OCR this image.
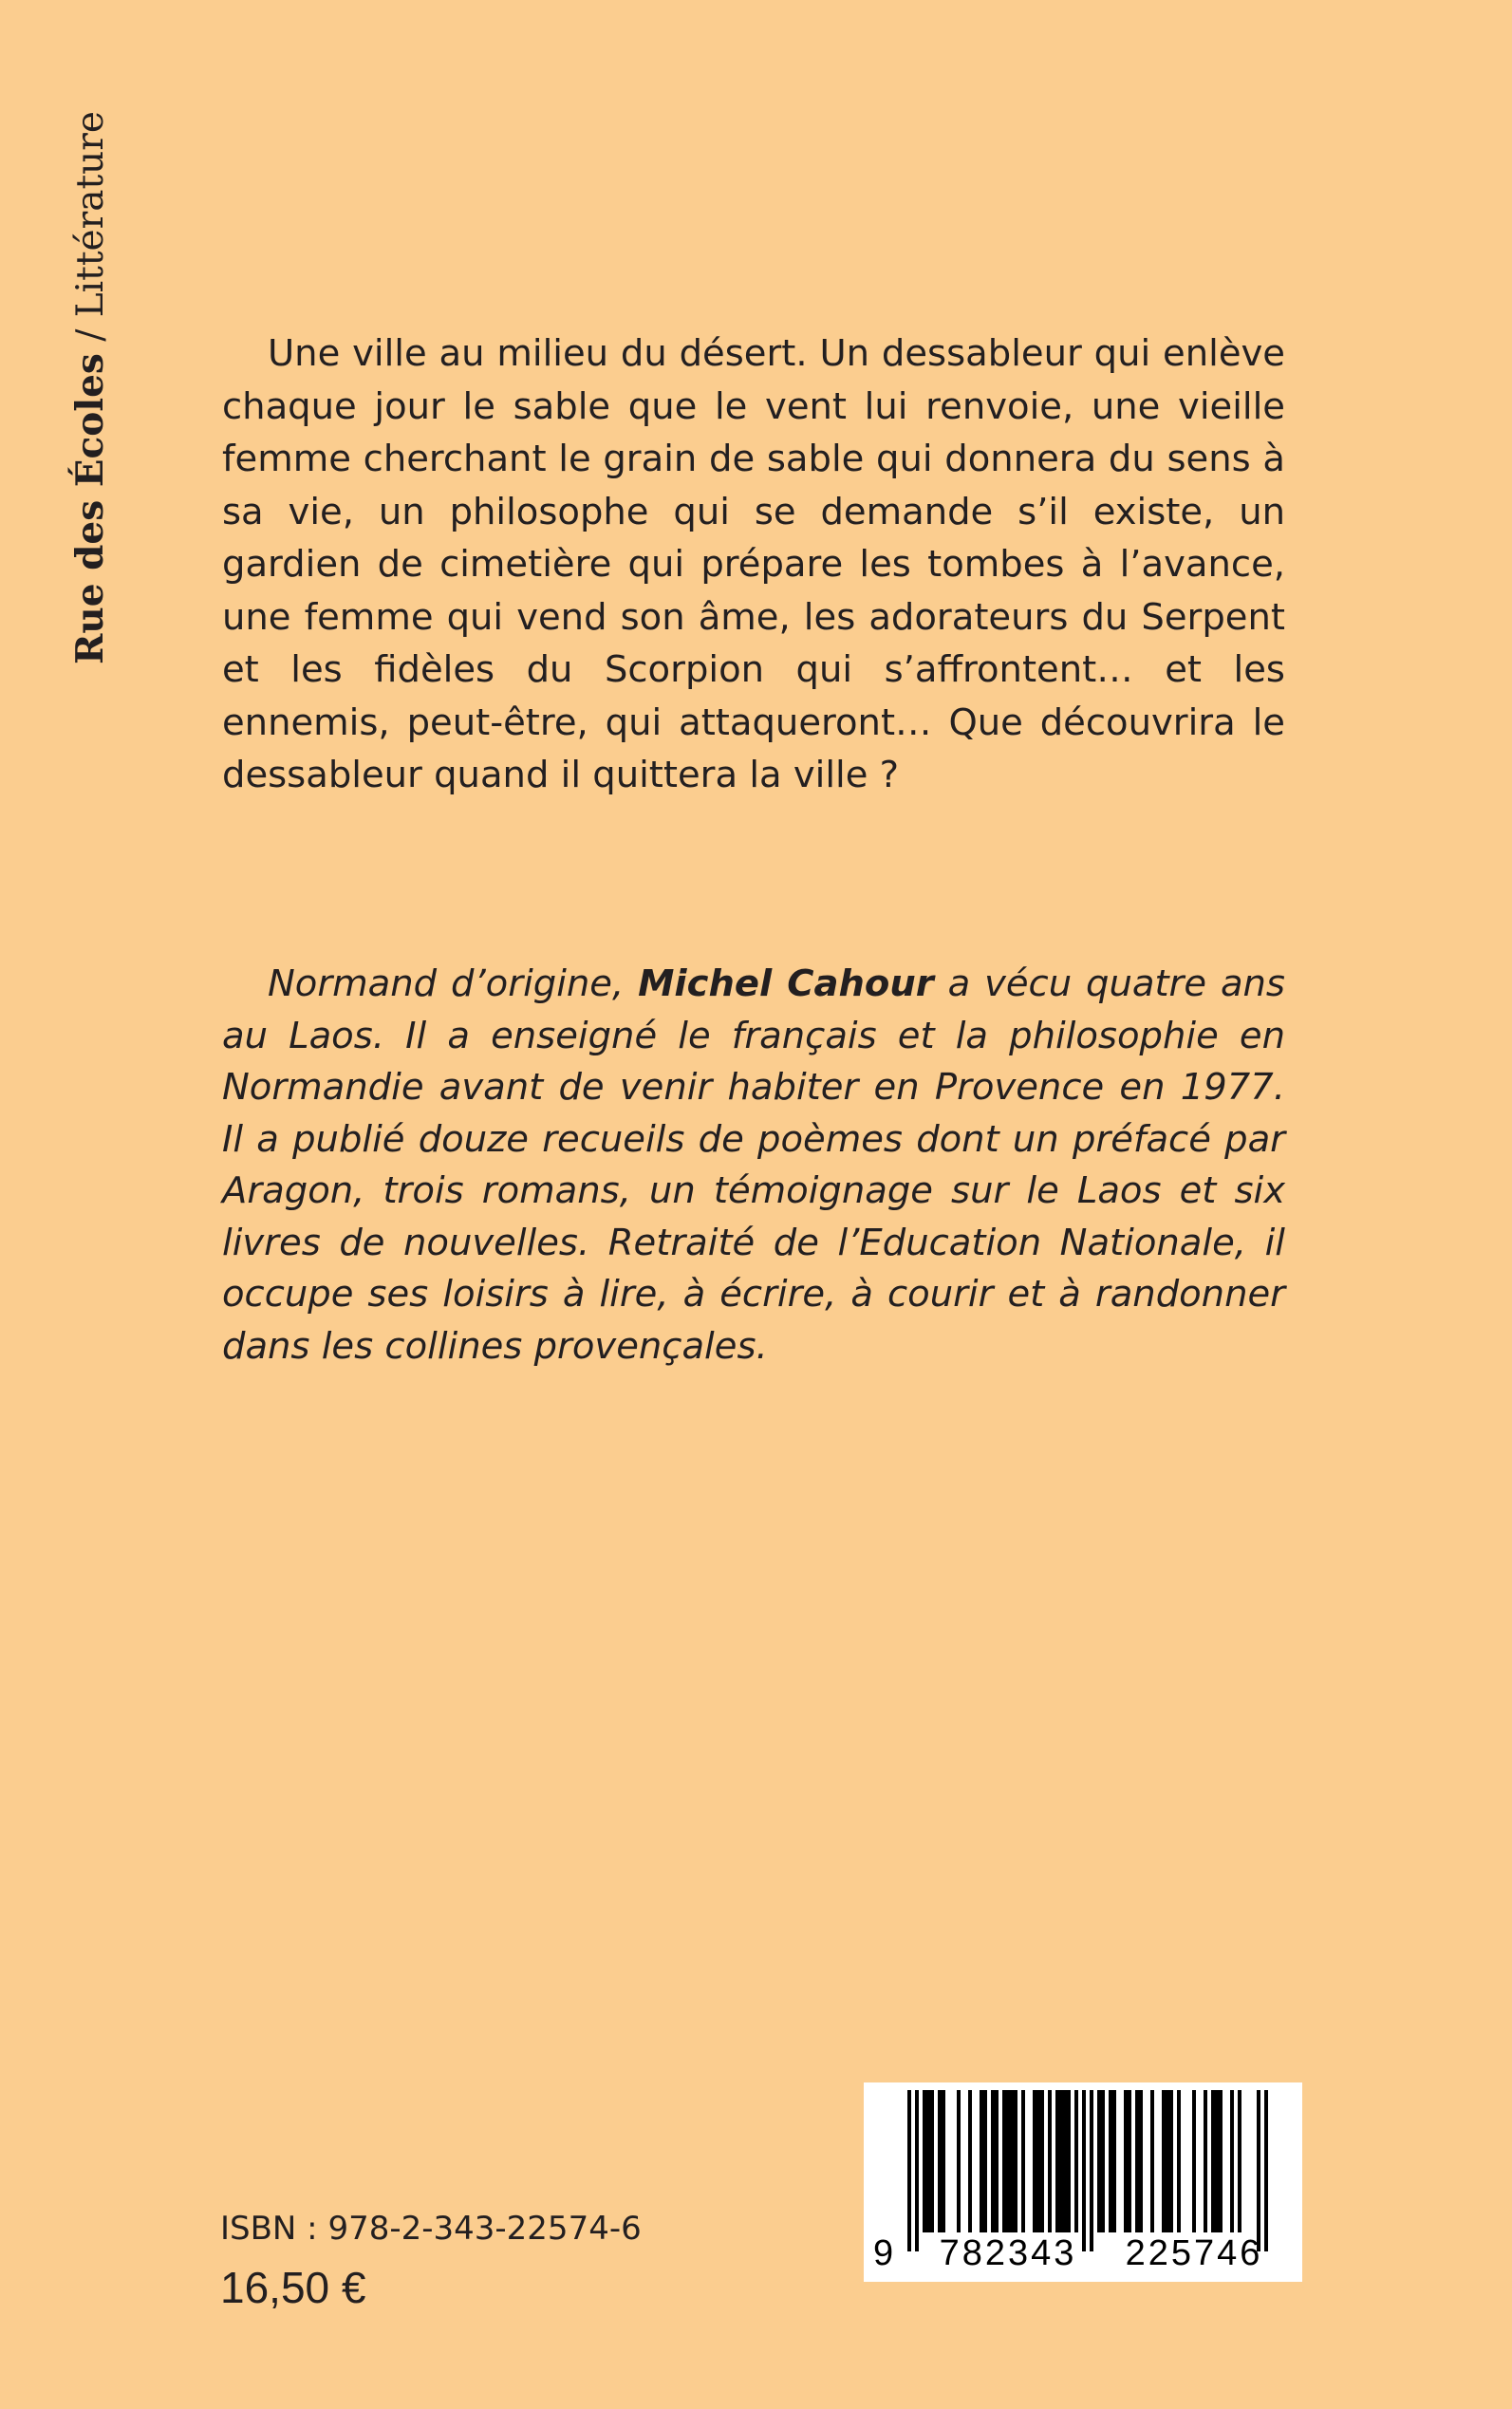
Rue des Écoles / Littérature

Une ville au milieu du désert. Un dessableur qui enlève chaque jour le sable que le vent lui renvoie, une vieille femme cherchant le grain de sable qui donnera du sens à sa vie, un philosophe qui se demande s’il existe, un gardien de cimetière qui prépare les tombes à l’avance, une femme qui vend son âme, les adorateurs du Serpent et les fidèles du Scorpion qui s’affrontent… et les ennemis, peut-être, qui attaqueront… Que découvrira le dessableur quand il quittera la ville ?

Normand d’origine, Michel Cahour a vécu quatre ans au Laos. Il a enseigné le français et la philosophie en Normandie avant de venir habiter en Provence en 1977. Il a publié douze recueils de poèmes dont un préfacé par Aragon, trois romans, un témoignage sur le Laos et six livres de nouvelles. Retraité de l’Education Nationale, il occupe ses loisirs à lire, à écrire, à courir et à randonner dans les collines provençales.

ISBN : 978-2-343-22574-6
16,50 €
9	782343	225746
